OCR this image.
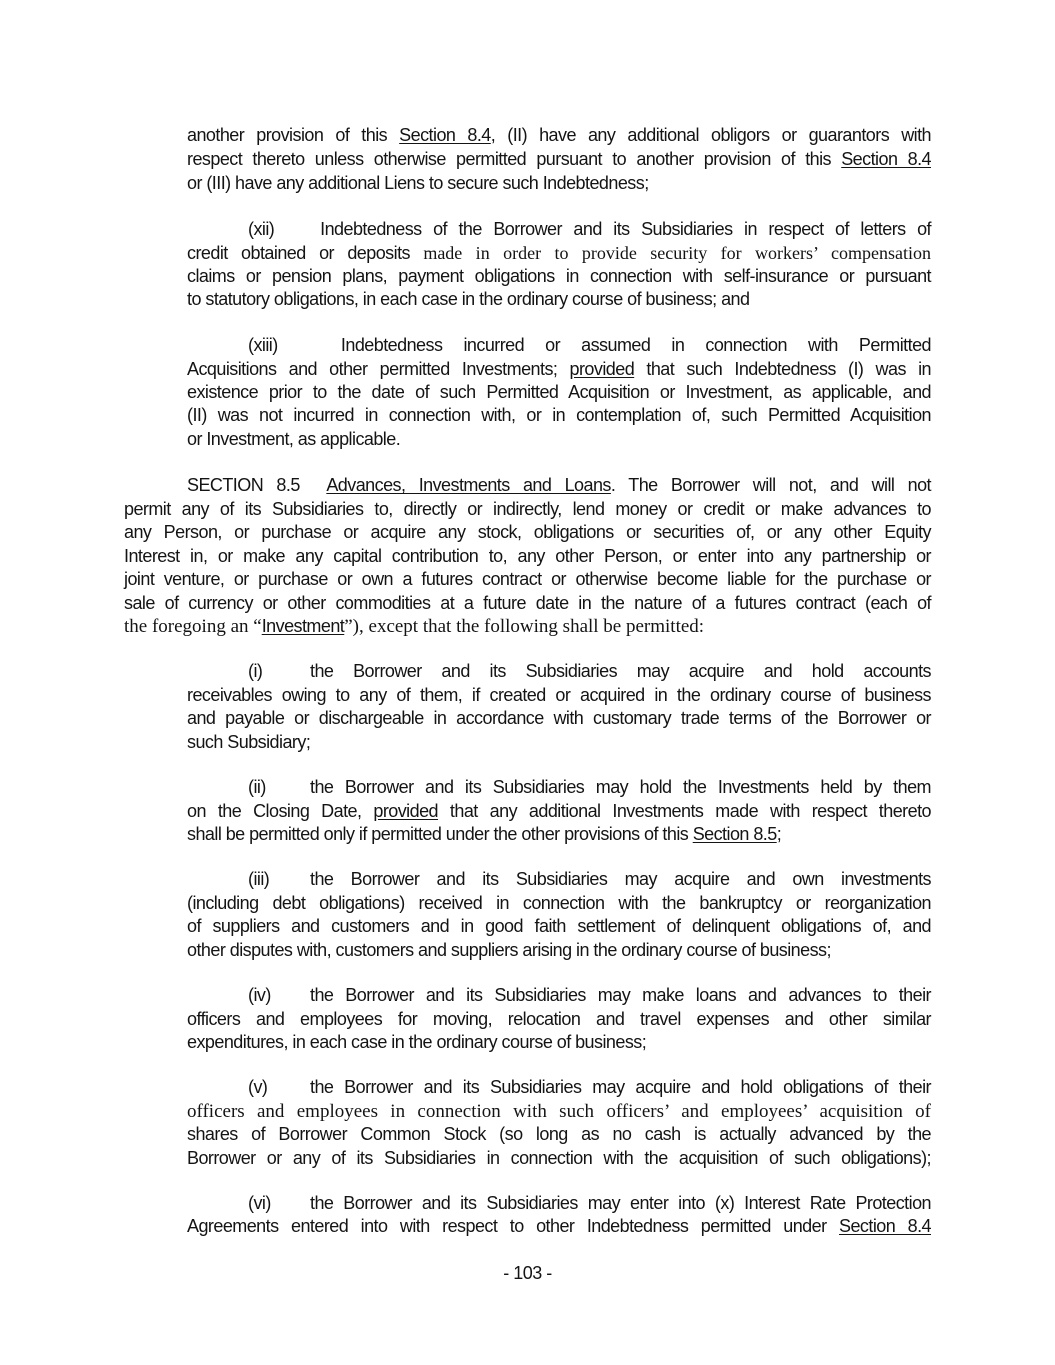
another provision of this Section 8.4, (II) have any additional obligors or guarantors with
respect thereto unless otherwise permitted pursuant to another provision of this Section 8.4
or (III) have any additional Liens to secure such Indebtedness;
(xii)	Indebtedness of the Borrower and its Subsidiaries in respect of letters of
credit obtained or deposits made in order to provide security for workers’ compensation
claims or pension plans, payment obligations in connection with self-insurance or pursuant
to statutory obligations, in each case in the ordinary course of business; and
(xiii)	Indebtedness incurred or assumed in connection with Permitted
Acquisitions and other permitted Investments; provided that such Indebtedness (I) was in
existence prior to the date of such Permitted Acquisition or Investment, as applicable, and
(II) was not incurred in connection with, or in contemplation of, such Permitted Acquisition
or Investment, as applicable.
SECTION 8.5 Advances, Investments and Loans. The Borrower will not, and will not
permit any of its Subsidiaries to, directly or indirectly, lend money or credit or make advances to
any Person, or purchase or acquire any stock, obligations or securities of, or any other Equity
Interest in, or make any capital contribution to, any other Person, or enter into any partnership or
joint venture, or purchase or own a futures contract or otherwise become liable for the purchase or
sale of currency or other commodities at a future date in the nature of a futures contract (each of
the foregoing an “Investment”), except that the following shall be permitted:
(i)	the Borrower and its Subsidiaries may acquire and hold accounts
receivables owing to any of them, if created or acquired in the ordinary course of business
and payable or dischargeable in accordance with customary trade terms of the Borrower or
such Subsidiary;
(ii) the Borrower and its Subsidiaries may hold the Investments held by them
on the Closing Date, provided that any additional Investments made with respect thereto
shall be permitted only if permitted under the other provisions of this Section 8.5;
(iii) the Borrower and its Subsidiaries may acquire and own investments
(including debt obligations) received in connection with the bankruptcy or reorganization
of suppliers and customers and in good faith settlement of delinquent obligations of, and
other disputes with, customers and suppliers arising in the ordinary course of business;
(iv) the Borrower and its Subsidiaries may make loans and advances to their
officers and employees for moving, relocation and travel expenses and other similar
expenditures, in each case in the ordinary course of business;
(v) the Borrower and its Subsidiaries may acquire and hold obligations of their
officers and employees in connection with such officers’ and employees’ acquisition of
shares of Borrower Common Stock (so long as no cash is actually advanced by the
Borrower or any of its Subsidiaries in connection with the acquisition of such obligations);
(vi) the Borrower and its Subsidiaries may enter into (x) Interest Rate Protection
Agreements entered into with respect to other Indebtedness permitted under Section 8.4
- 103 -
